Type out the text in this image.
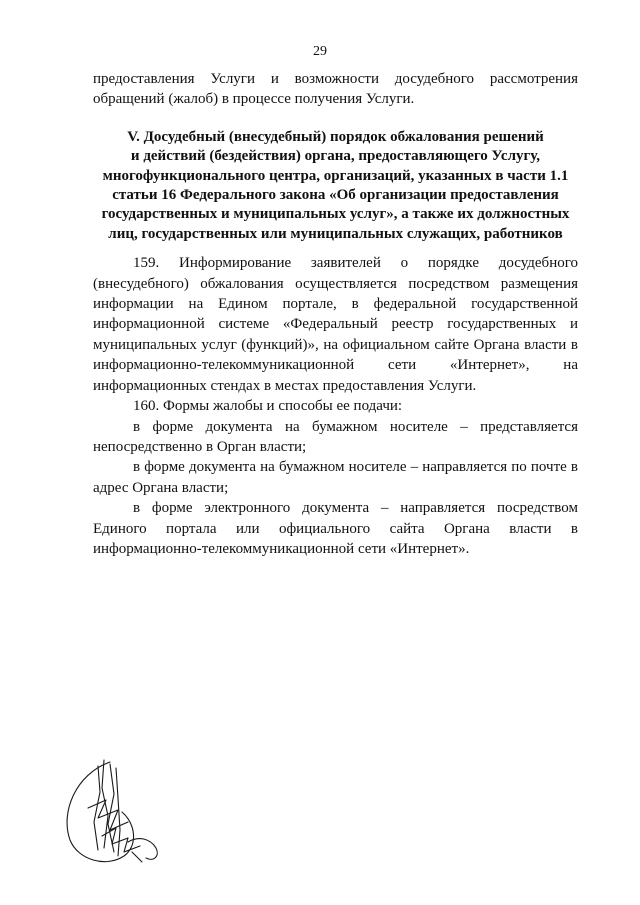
29

предоставления Услуги и возможности досудебного рассмотрения обращений (жалоб) в процессе получения Услуги.

V. Досудебный (внесудебный) порядок обжалования решений
и действий (бездействия) органа, предоставляющего Услугу,
многофункционального центра, организаций, указанных в части 1.1
статьи 16 Федерального закона «Об организации предоставления
государственных и муниципальных услуг», а также их должностных
лиц, государственных или муниципальных служащих, работников

159. Информирование заявителей о порядке досудебного (внесудебного) обжалования осуществляется посредством размещения информации на Едином портале, в федеральной государственной информационной системе «Федеральный реестр государственных и муниципальных услуг (функций)», на официальном сайте Органа власти в информационно-телекоммуникационной сети «Интернет», на информационных стендах в местах предоставления Услуги.

160. Формы жалобы и способы ее подачи:

в форме документа на бумажном носителе – представляется непосредственно в Орган власти;

в форме документа на бумажном носителе – направляется по почте в адрес Органа власти;

в форме электронного документа – направляется посредством Единого портала или официального сайта Органа власти в информационно-телекоммуникационной сети «Интернет».
